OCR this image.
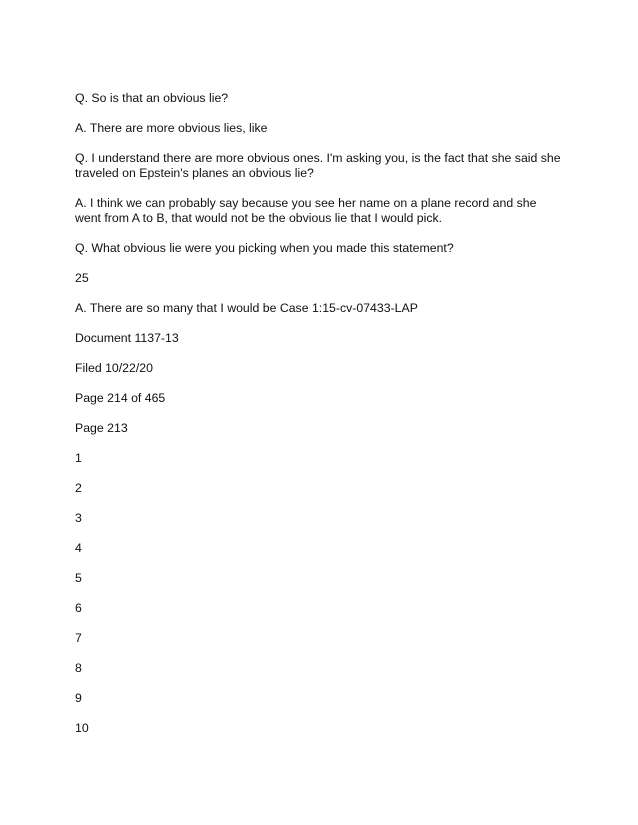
Q. So is that an obvious lie?

A. There are more obvious lies, like

Q. I understand there are more obvious ones. I'm asking you, is the fact that she said she traveled on Epstein's planes an obvious lie?

A. I think we can probably say because you see her name on a plane record and she went from A to B, that would not be the obvious lie that I would pick.

Q. What obvious lie were you picking when you made this statement?

25

A. There are so many that I would be Case 1:15-cv-07433-LAP

Document 1137-13

Filed 10/22/20

Page 214 of 465

Page 213

1

2

3

4

5

6

7

8

9

10
